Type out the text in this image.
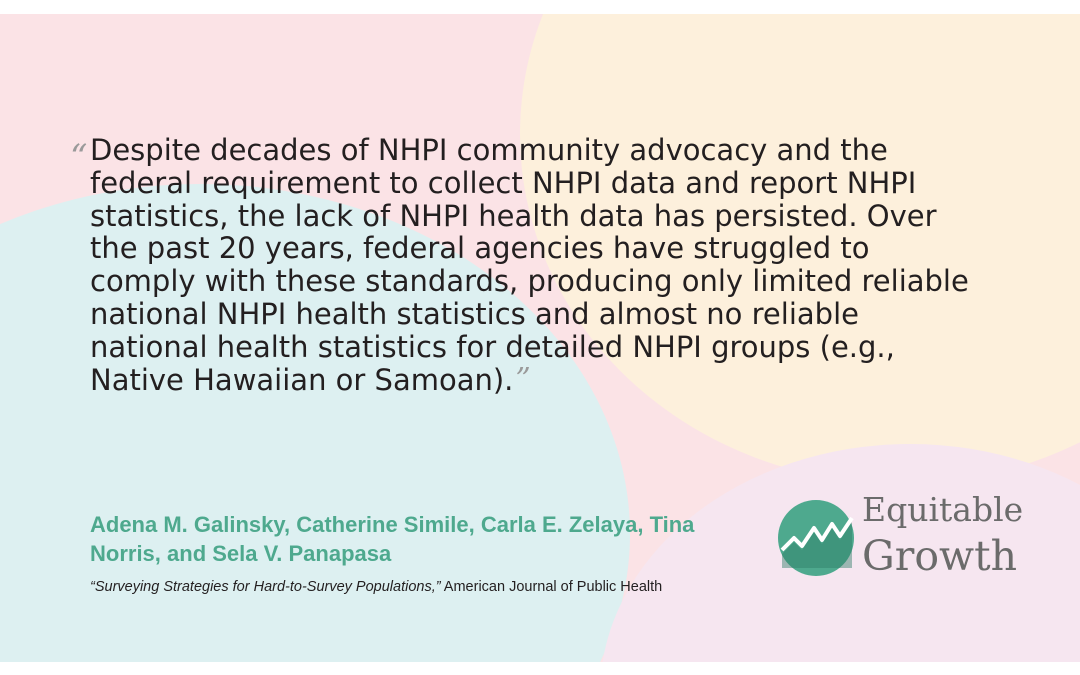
“ Despite decades of NHPI community advocacy and the federal requirement to collect NHPI data and report NHPI statistics, the lack of NHPI health data has persisted. Over the past 20 years, federal agencies have struggled to comply with these standards, producing only limited reliable national NHPI health statistics and almost no reliable national health statistics for detailed NHPI groups (e.g., Native Hawaiian or Samoan).”

Adena M. Galinsky, Catherine Simile, Carla E. Zelaya, Tina Norris, and Sela V. Panapasa

“Surveying Strategies for Hard-to-Survey Populations,” American Journal of Public Health

Equitable
Growth
